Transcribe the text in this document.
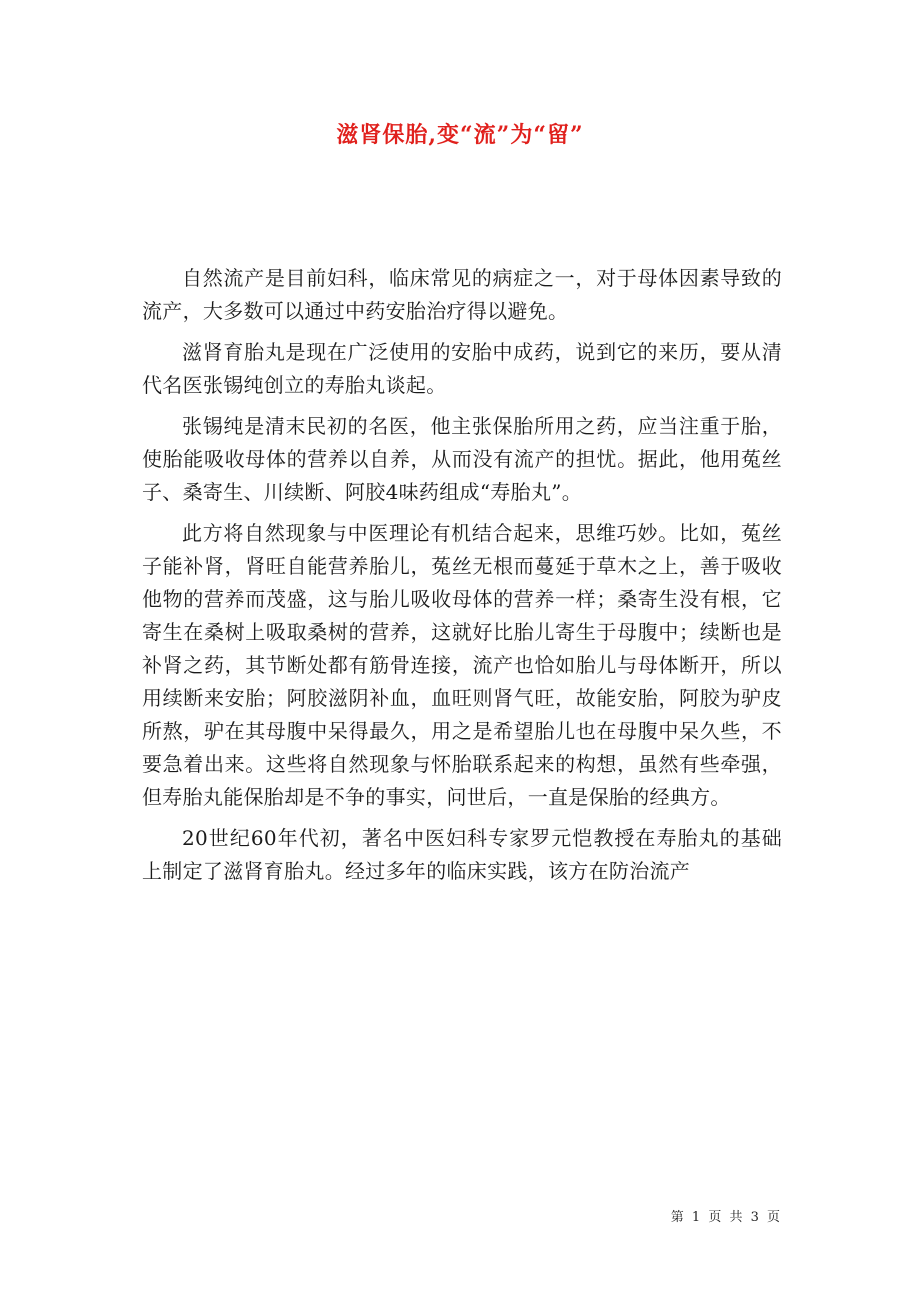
滋肾保胎,变“流”为“留”

自然流产是目前妇科，临床常见的病症之一，对于母体因素导致的流产，大多数可以通过中药安胎治疗得以避免。

滋肾育胎丸是现在广泛使用的安胎中成药，说到它的来历，要从清代名医张锡纯创立的寿胎丸谈起。

张锡纯是清末民初的名医，他主张保胎所用之药，应当注重于胎，使胎能吸收母体的营养以自养，从而没有流产的担忧。据此，他用菟丝子、桑寄生、川续断、阿胶4味药组成“寿胎丸”。

此方将自然现象与中医理论有机结合起来，思维巧妙。比如，菟丝子能补肾，肾旺自能营养胎儿，菟丝无根而蔓延于草木之上，善于吸收他物的营养而茂盛，这与胎儿吸收母体的营养一样；桑寄生没有根，它寄生在桑树上吸取桑树的营养，这就好比胎儿寄生于母腹中；续断也是补肾之药，其节断处都有筋骨连接，流产也恰如胎儿与母体断开，所以用续断来安胎；阿胶滋阴补血，血旺则肾气旺，故能安胎，阿胶为驴皮所熬，驴在其母腹中呆得最久，用之是希望胎儿也在母腹中呆久些，不要急着出来。这些将自然现象与怀胎联系起来的构想，虽然有些牵强，但寿胎丸能保胎却是不争的事实，问世后，一直是保胎的经典方。

20世纪60年代初，著名中医妇科专家罗元恺教授在寿胎丸的基础上制定了滋肾育胎丸。经过多年的临床实践，该方在防治流产

第 1 页 共 3 页
